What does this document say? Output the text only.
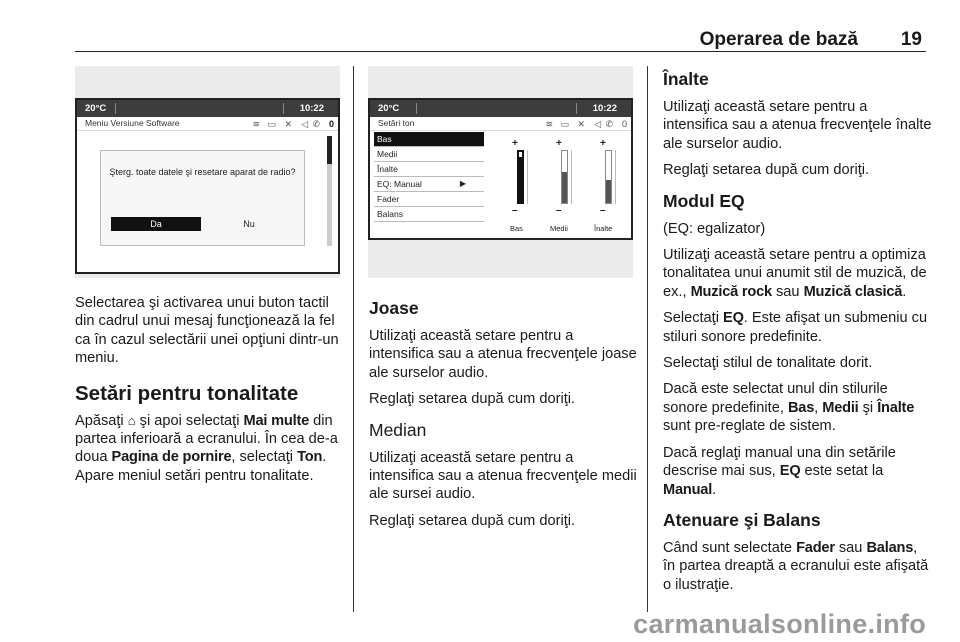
Operarea de bază 19
20°C	10:22
Meniu Versiune Software	≋ ▭ ✕ ◁ ✆ 0
Şterg. toate datele şi resetare aparat de radio?
Da	Nu
20°C	10:22
Setări ton	≋ ▭ ✕ ◁ ✆ 0
Bas
Medii
Înalte
EQ: Manual	▶
Fader
Balans
+
–
+
–
+
–
Bas	Medii	Înalte

Selectarea şi activarea unui buton tactil din cadrul unui mesaj funcţionează la fel ca în cazul selectării unei opţiuni dintr-un meniu.

Setări pentru tonalitate

Apăsaţi ⌂ şi apoi selectaţi Mai multe din partea inferioară a ecranului. În cea de-a doua Pagina de pornire, selectaţi Ton. Apare meniul setări pentru tonalitate.

Joase

Utilizaţi această setare pentru a intensifica sau a atenua frecvenţele joase ale surselor audio.

Reglaţi setarea după cum doriţi.

Median

Utilizaţi această setare pentru a intensifica sau a atenua frecvenţele medii ale sursei audio.

Reglaţi setarea după cum doriţi.

Înalte

Utilizaţi această setare pentru a intensifica sau a atenua frecvenţele înalte ale surselor audio.

Reglaţi setarea după cum doriţi.

Modul EQ

(EQ: egalizator)

Utilizaţi această setare pentru a optimiza tonalitatea unui anumit stil de muzică, de ex., Muzică rock sau Muzică clasică.

Selectaţi EQ. Este afişat un submeniu cu stiluri sonore predefinite.

Selectaţi stilul de tonalitate dorit.

Dacă este selectat unul din stilurile sonore predefinite, Bas, Medii şi Înalte sunt pre-reglate de sistem.

Dacă reglaţi manual una din setările descrise mai sus, EQ este setat la Manual.

Atenuare şi Balans

Când sunt selectate Fader sau Balans, în partea dreaptă a ecranului este afişată o ilustraţie.

carmanualsonline.info
